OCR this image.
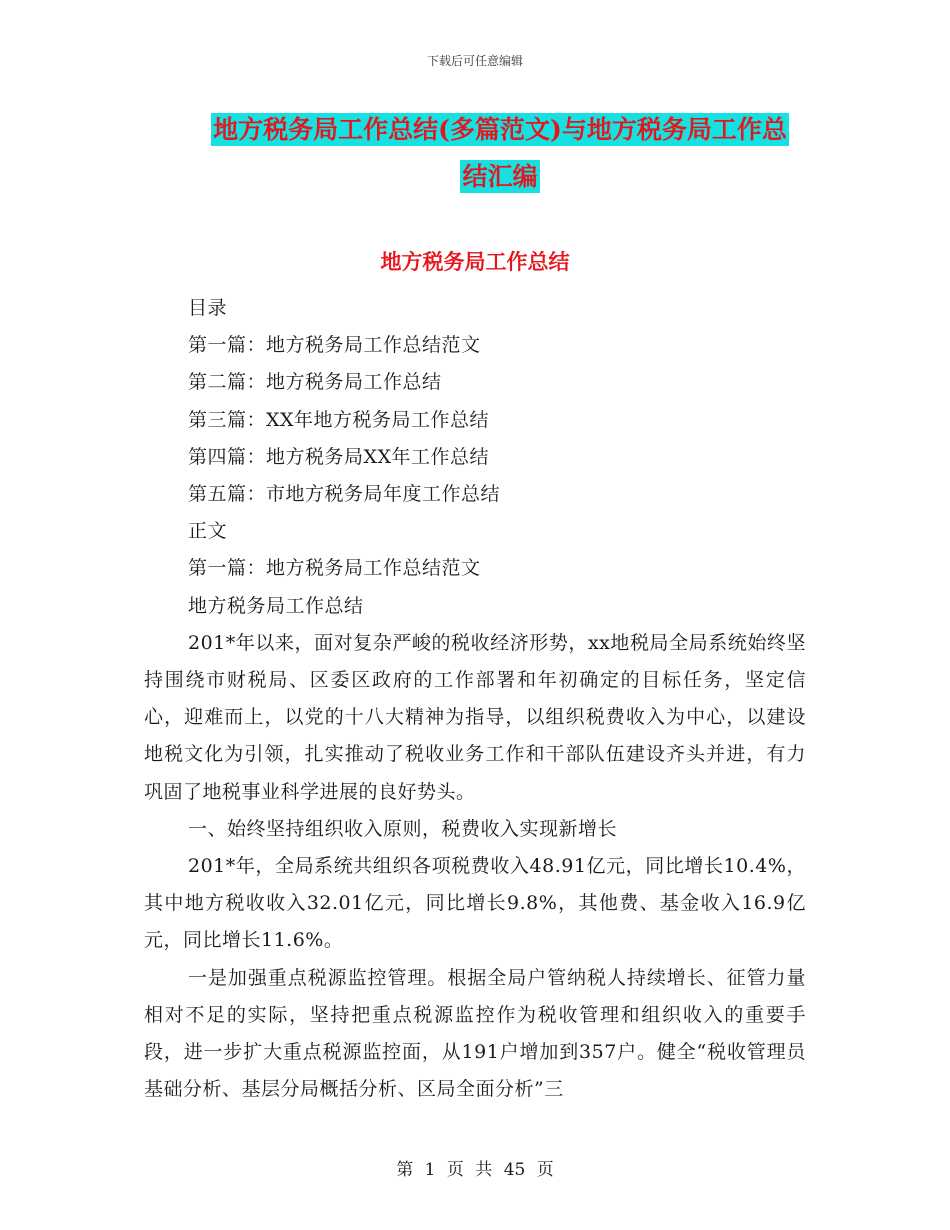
下载后可任意编辑
地方税务局工作总结(多篇范文)与地方税务局工作总
结汇编
地方税务局工作总结

目录

第一篇：地方税务局工作总结范文

第二篇：地方税务局工作总结

第三篇：XX年地方税务局工作总结

第四篇：地方税务局XX年工作总结

第五篇：市地方税务局年度工作总结

正文

第一篇：地方税务局工作总结范文

地方税务局工作总结

201*年以来，面对复杂严峻的税收经济形势，xx地税局全局系统始终坚持围绕市财税局、区委区政府的工作部署和年初确定的目标任务，坚定信心，迎难而上，以党的十八大精神为指导，以组织税费收入为中心，以建设地税文化为引领，扎实推动了税收业务工作和干部队伍建设齐头并进，有力巩固了地税事业科学进展的良好势头。

一、始终坚持组织收入原则，税费收入实现新增长

201*年，全局系统共组织各项税费收入48.91亿元，同比增长10.4%，其中地方税收收入32.01亿元，同比增长9.8%，其他费、基金收入16.9亿元，同比增长11.6%。

一是加强重点税源监控管理。根据全局户管纳税人持续增长、征管力量相对不足的实际，坚持把重点税源监控作为税收管理和组织收入的重要手段，进一步扩大重点税源监控面，从191户增加到357户。健全“税收管理员基础分析、基层分局概括分析、区局全面分析”三

第 1 页 共 45 页
